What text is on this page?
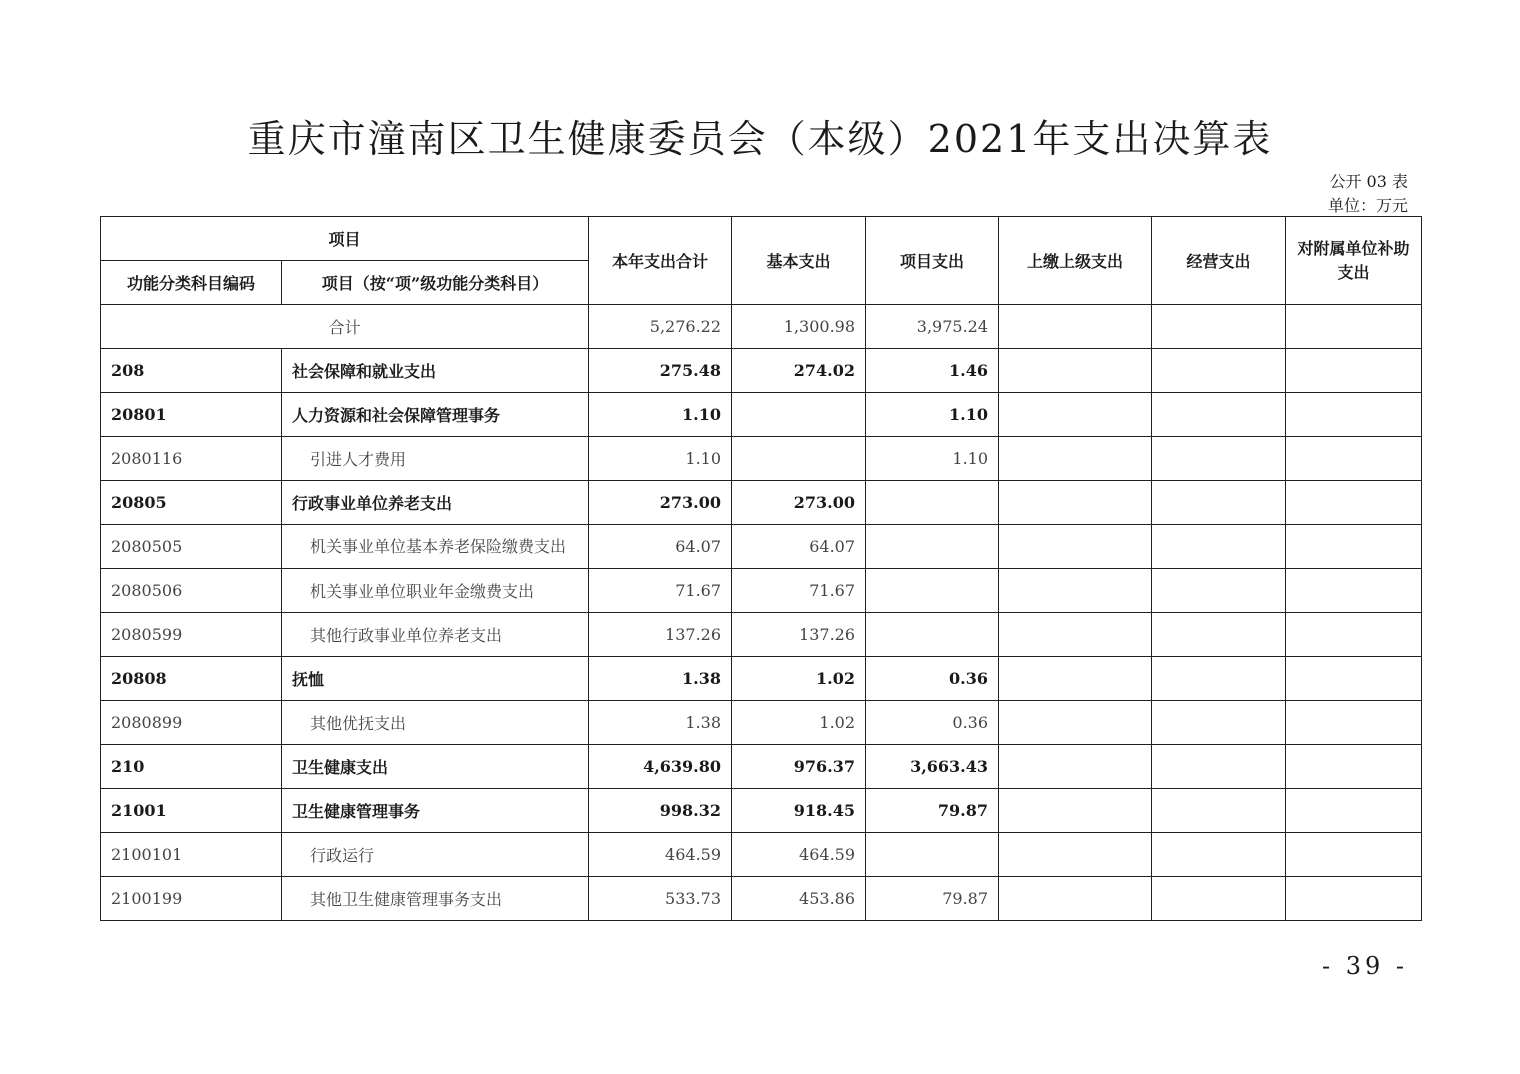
重庆市潼南区卫生健康委员会（本级）2021年支出决算表
公开 03 表
单位：万元
项目		本年支出合计	基本支出	项目支出	上缴上级支出	经营支出	对附属单位补助支出
功能分类科目编码	项目（按“项”级功能分类科目）						
合计		5,276.22	1,300.98	3,975.24			
208	社会保障和就业支出	275.48	274.02	1.46			
20801	人力资源和社会保障管理事务	1.10		1.10			
2080116	引进人才费用	1.10		1.10			
20805	行政事业单位养老支出	273.00	273.00				
2080505	机关事业单位基本养老保险缴费支出	64.07	64.07				
2080506	机关事业单位职业年金缴费支出	71.67	71.67				
2080599	其他行政事业单位养老支出	137.26	137.26				
20808	抚恤	1.38	1.02	0.36			
2080899	其他优抚支出	1.38	1.02	0.36			
210	卫生健康支出	4,639.80	976.37	3,663.43			
21001	卫生健康管理事务	998.32	918.45	79.87			
2100101	行政运行	464.59	464.59				
2100199	其他卫生健康管理事务支出	533.73	453.86	79.87			
- 39 -
